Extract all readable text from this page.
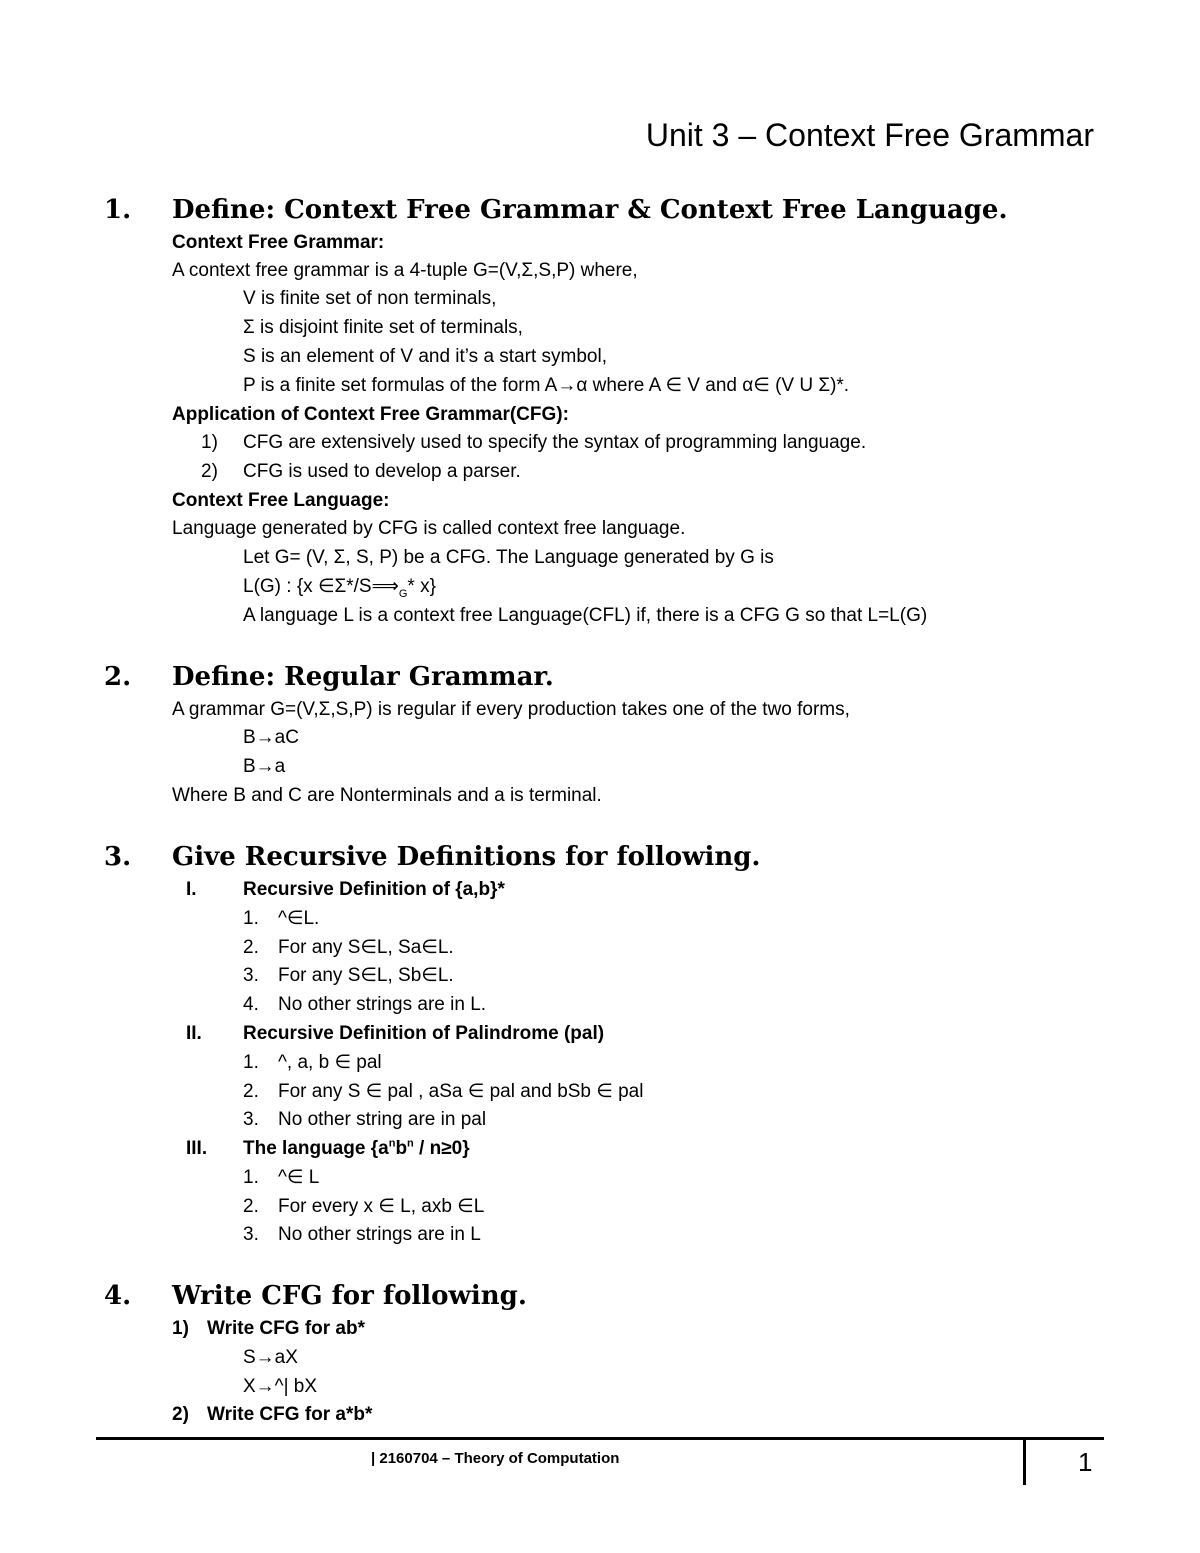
Unit 3 – Context Free Grammar
1. Define: Context Free Grammar & Context Free Language.
Context Free Grammar:
A context free grammar is a 4-tuple G=(V,Σ,S,P) where,
V is finite set of non terminals,
Σ is disjoint finite set of terminals,
S is an element of V and it’s a start symbol,
P is a finite set formulas of the form A→α where A ∈ V and α∈ (V U Σ)*.
Application of Context Free Grammar(CFG):
1) CFG are extensively used to specify the syntax of programming language.
2) CFG is used to develop a parser.
Context Free Language:
Language generated by CFG is called context free language.
Let G= (V, Σ, S, P) be a CFG. The Language generated by G is
L(G) : {x $\in\Sigma*/S⟹_G*$ x}
A language L is a context free Language(CFL) if, there is a CFG G so that L=L(G)
2. Define: Regular Grammar.
A grammar G=(V,Σ,S,P) is regular if every production takes one of the two forms,
B→aC
B→a
Where B and C are Nonterminals and a is terminal.
3. Give Recursive Definitions for following.
I. Recursive Definition of {a,b}*
1. ^∈L.
2. For any S∈L, Sa∈L.
3. For any S∈L, Sb∈L.
4. No other strings are in L.
II. Recursive Definition of Palindrome (pal)
1. ^, a, b ∈ pal
2. For any S ∈ pal , aSa ∈ pal and bSb ∈ pal
3. No other string are in pal
III. The language $\{a^nb^n / n\ge 0\}$
1. ^∈ L
2. For every x ∈ L, axb ∈L
3. No other strings are in L
4. Write CFG for following.
1) Write CFG for ab*
S→aX
X→^| bX
2) Write CFG for a*b*
| 2160704 – Theory of Computation	1
